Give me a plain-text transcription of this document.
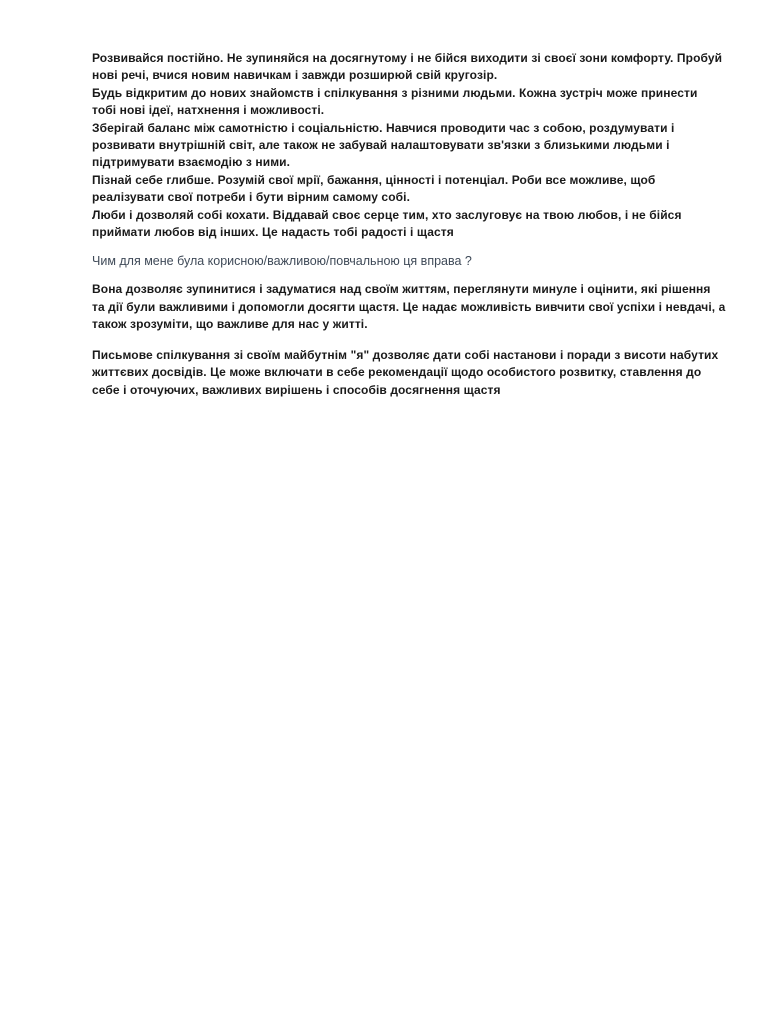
Розвивайся постійно. Не зупиняйся на досягнутому і не бійся виходити зі своєї зони комфорту. Пробуй
нові речі, вчися новим навичкам і завжди розширюй свій кругозір.
Будь відкритим до нових знайомств і спілкування з різними людьми. Кожна зустріч може принести
тобі нові ідеї, натхнення і можливості.
Зберігай баланс між самотністю і соціальністю. Навчися проводити час з собою, роздумувати і
розвивати внутрішній світ, але також не забувай налаштовувати зв'язки з близькими людьми і
підтримувати взаємодію з ними.
Пізнай себе глибше. Розумій свої мрії, бажання, цінності і потенціал. Роби все можливе, щоб
реалізувати свої потреби і бути вірним самому собі.
Люби і дозволяй собі кохати. Віддавай своє серце тим, хто заслуговує на твою любов, і не бійся
приймати любов від інших. Це надасть тобі радості і щастя
Чим для мене була корисною/важливою/повчальною ця вправа ?
Вона дозволяє зупинитися і задуматися над своїм життям, переглянути минуле і оцінити, які рішення
та дії були важливими і допомогли досягти щастя. Це надає можливість вивчити свої успіхи і невдачі, а
також зрозуміти, що важливе для нас у житті.
Письмове спілкування зі своїм майбутнім "я" дозволяє дати собі настанови і поради з висоти набутих
життєвих досвідів. Це може включати в себе рекомендації щодо особистого розвитку, ставлення до
себе і оточуючих, важливих вирішень і способів досягнення щастя
